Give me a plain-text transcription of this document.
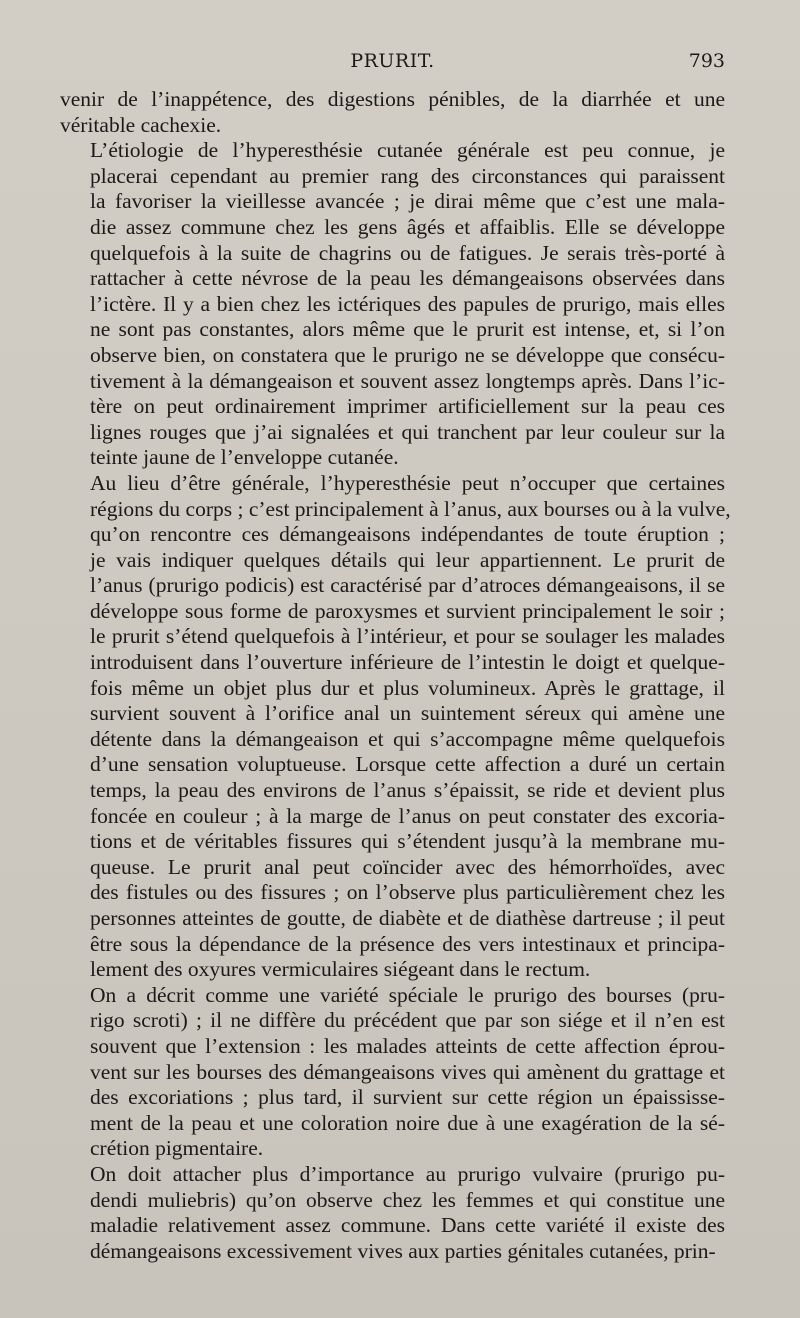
PRURIT.	793

venir de l’inappétence, des digestions pénibles, de la diarrhée et une
véritable cachexie.

L’étiologie de l’hyperesthésie cutanée générale est peu connue, je
placerai cependant au premier rang des circonstances qui paraissent
la favoriser la vieillesse avancée ; je dirai même que c’est une mala-
die assez commune chez les gens âgés et affaiblis. Elle se développe
quelquefois à la suite de chagrins ou de fatigues. Je serais très-porté à
rattacher à cette névrose de la peau les démangeaisons observées dans
l’ictère. Il y a bien chez les ictériques des papules de prurigo, mais elles
ne sont pas constantes, alors même que le prurit est intense, et, si l’on
observe bien, on constatera que le prurigo ne se développe que consécu-
tivement à la démangeaison et souvent assez longtemps après. Dans l’ic-
tère on peut ordinairement imprimer artificiellement sur la peau ces
lignes rouges que j’ai signalées et qui tranchent par leur couleur sur la
teinte jaune de l’enveloppe cutanée.

Au lieu d’être générale, l’hyperesthésie peut n’occuper que certaines
régions du corps ; c’est principalement à l’anus, aux bourses ou à la vulve,
qu’on rencontre ces démangeaisons indépendantes de toute éruption ;
je vais indiquer quelques détails qui leur appartiennent. Le prurit de
l’anus (prurigo podicis) est caractérisé par d’atroces démangeaisons, il se
développe sous forme de paroxysmes et survient principalement le soir ;
le prurit s’étend quelquefois à l’intérieur, et pour se soulager les malades
introduisent dans l’ouverture inférieure de l’intestin le doigt et quelque-
fois même un objet plus dur et plus volumineux. Après le grattage, il
survient souvent à l’orifice anal un suintement séreux qui amène une
détente dans la démangeaison et qui s’accompagne même quelquefois
d’une sensation voluptueuse. Lorsque cette affection a duré un certain
temps, la peau des environs de l’anus s’épaissit, se ride et devient plus
foncée en couleur ; à la marge de l’anus on peut constater des excoria-
tions et de véritables fissures qui s’étendent jusqu’à la membrane mu-
queuse. Le prurit anal peut coïncider avec des hémorrhoïdes, avec
des fistules ou des fissures ; on l’observe plus particulièrement chez les
personnes atteintes de goutte, de diabète et de diathèse dartreuse ; il peut
être sous la dépendance de la présence des vers intestinaux et principa-
lement des oxyures vermiculaires siégeant dans le rectum.

On a décrit comme une variété spéciale le prurigo des bourses (pru-
rigo scroti) ; il ne diffère du précédent que par son siége et il n’en est
souvent que l’extension : les malades atteints de cette affection éprou-
vent sur les bourses des démangeaisons vives qui amènent du grattage et
des excoriations ; plus tard, il survient sur cette région un épaississe-
ment de la peau et une coloration noire due à une exagération de la sé-
crétion pigmentaire.

On doit attacher plus d’importance au prurigo vulvaire (prurigo pu-
dendi muliebris) qu’on observe chez les femmes et qui constitue une
maladie relativement assez commune. Dans cette variété il existe des
démangeaisons excessivement vives aux parties génitales cutanées, prin-
